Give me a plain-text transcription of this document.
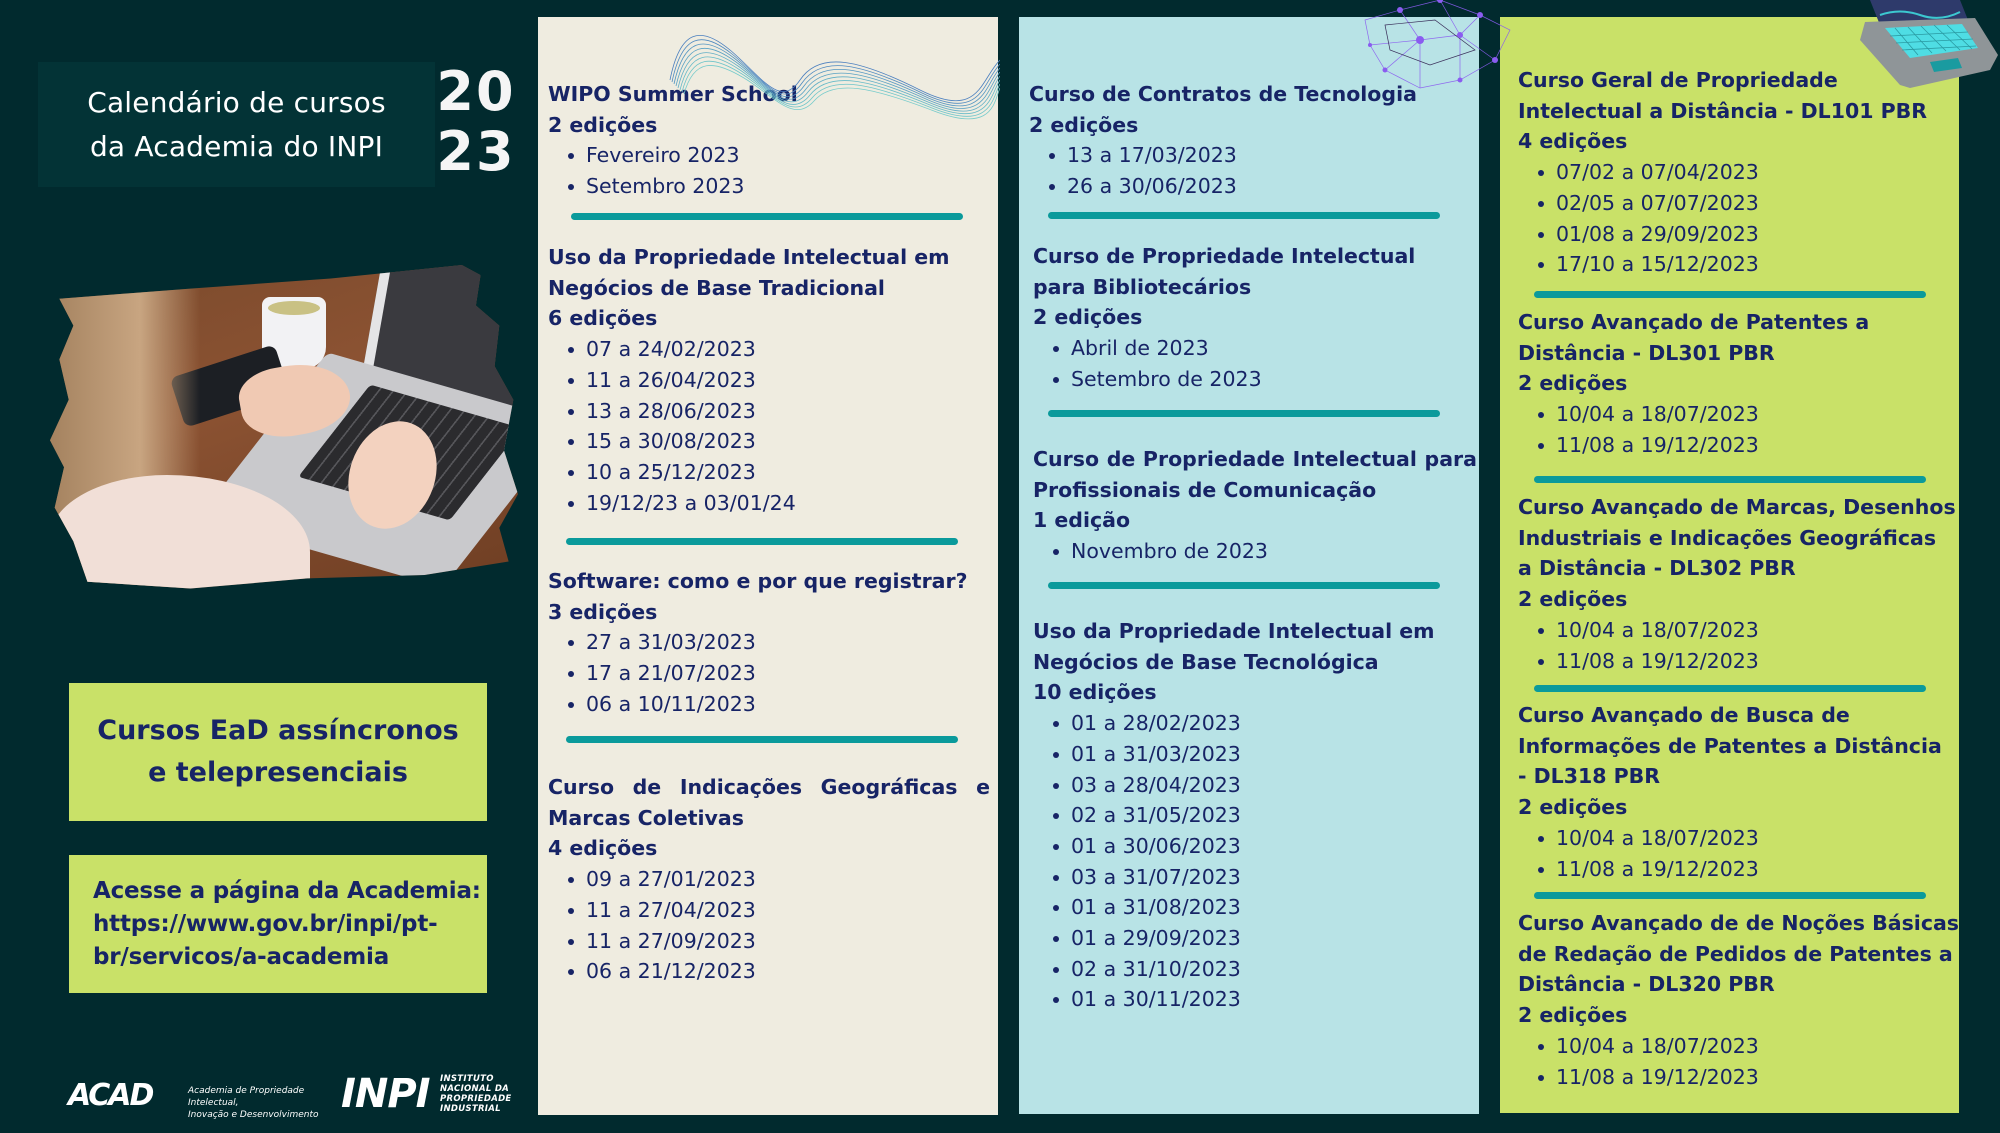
Calendário de cursos
da Academia do INPI
20
23
Cursos EaD assíncronos
e telepresenciais
Acesse a página da Academia:
https://www.gov.br/inpi/pt-
br/servicos/a-academia
ACAD	Academia de Propriedade Intelectual,
Inovação e Desenvolvimento INPI INSTITUTO
NACIONAL DA
PROPRIEDADE
INDUSTRIAL
WIPO Summer School
2 edições
Fevereiro 2023
Setembro 2023
Uso da Propriedade Intelectual em Negócios de Base Tradicional
6 edições
07 a 24/02/2023
11 a 26/04/2023
13 a 28/06/2023
15 a 30/08/2023
10 a 25/12/2023
19/12/23 a 03/01/24
Software: como e por que registrar?
3 edições
27 a 31/03/2023
17 a 21/07/2023
06 a 10/11/2023
Curso de Indicações Geográficas e Marcas Coletivas
4 edições
09 a 27/01/2023
11 a 27/04/2023
11 a 27/09/2023
06 a 21/12/2023
Curso de Contratos de Tecnologia
2 edições
13 a 17/03/2023
26 a 30/06/2023
Curso de Propriedade Intelectual para Bibliotecários
2 edições
Abril de 2023
Setembro de 2023
Curso de Propriedade Intelectual para Profissionais de Comunicação
1 edição
Novembro de 2023
Uso da Propriedade Intelectual em Negócios de Base Tecnológica
10 edições
01 a 28/02/2023
01 a 31/03/2023
03 a 28/04/2023
02 a 31/05/2023
01 a 30/06/2023
03 a 31/07/2023
01 a 31/08/2023
01 a 29/09/2023
02 a 31/10/2023
01 a 30/11/2023
Curso Geral de Propriedade Intelectual a Distância - DL101 PBR
4 edições
07/02 a 07/04/2023
02/05 a 07/07/2023
01/08 a 29/09/2023
17/10 a 15/12/2023
Curso Avançado de Patentes a Distância - DL301 PBR
2 edições
10/04 a 18/07/2023
11/08 a 19/12/2023
Curso Avançado de Marcas, Desenhos Industriais e Indicações Geográficas a Distância - DL302 PBR
2 edições
10/04 a 18/07/2023
11/08 a 19/12/2023
Curso Avançado de Busca de Informações de Patentes a Distância - DL318 PBR
2 edições
10/04 a 18/07/2023
11/08 a 19/12/2023
Curso Avançado de de Noções Básicas de Redação de Pedidos de Patentes a Distância - DL320 PBR
2 edições
10/04 a 18/07/2023
11/08 a 19/12/2023
